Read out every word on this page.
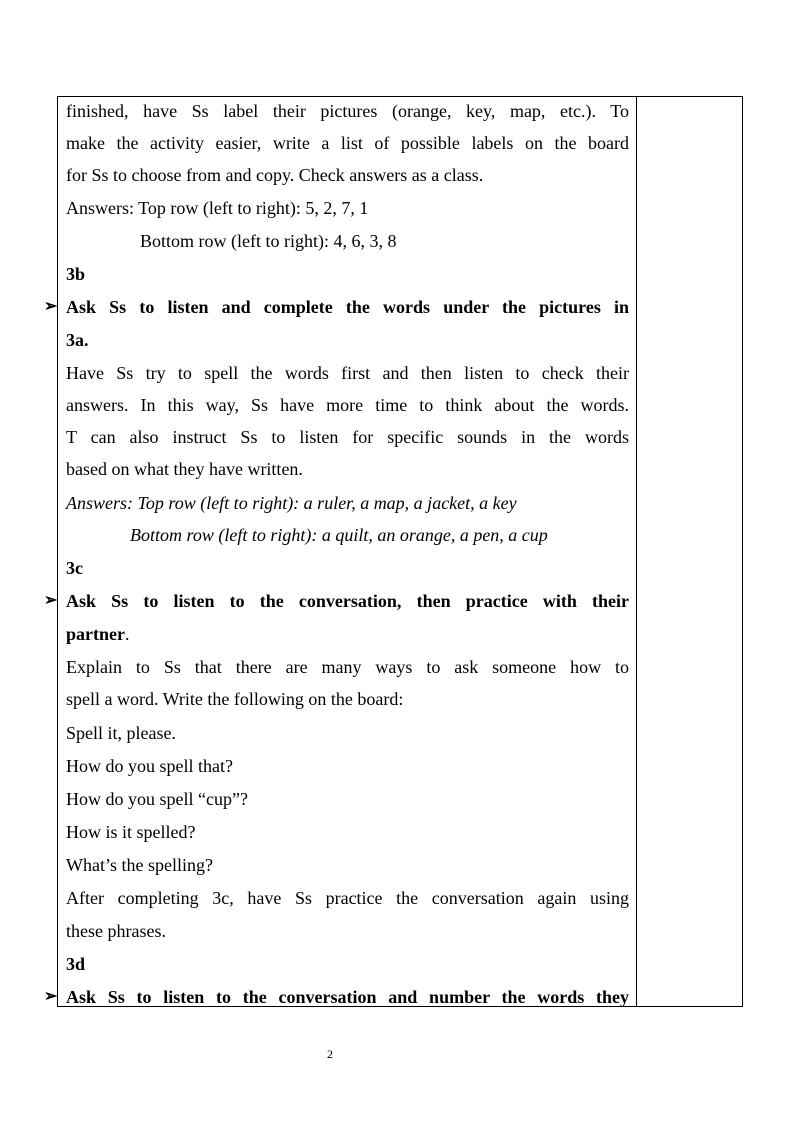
finished, have Ss label their pictures (orange, key, map, etc.). To
make the activity easier, write a list of possible labels on the board
for Ss to choose from and copy. Check answers as a class.
Answers: Top row (left to right): 5, 2, 7, 1
Bottom row (left to right): 4, 6, 3, 8
3b
➢ Ask Ss to listen and complete the words under the pictures in
3a.
Have Ss try to spell the words first and then listen to check their
answers. In this way, Ss have more time to think about the words.
T can also instruct Ss to listen for specific sounds in the words
based on what they have written.
Answers: Top row (left to right): a ruler, a map, a jacket, a key
Bottom row (left to right): a quilt, an orange, a pen, a cup
3c
➢ Ask Ss to listen to the conversation, then practice with their
partner.
Explain to Ss that there are many ways to ask someone how to
spell a word. Write the following on the board:
Spell it, please.
How do you spell that?
How do you spell “cup”?
How is it spelled?
What’s the spelling?
After completing 3c, have Ss practice the conversation again using
these phrases.
3d
➢ Ask Ss to listen to the conversation and number the words they
2
